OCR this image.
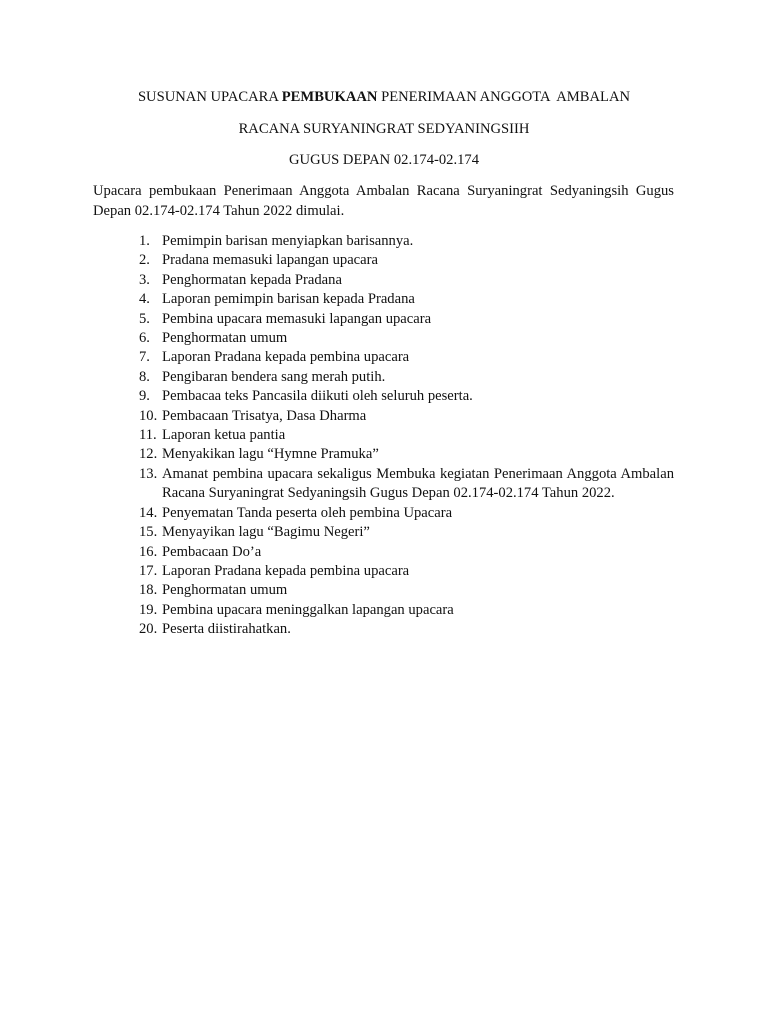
SUSUNAN UPACARA PEMBUKAAN PENERIMAAN ANGGOTA  AMBALAN
RACANA SURYANINGRAT SEDYANINGSIIH
GUGUS DEPAN 02.174-02.174
Upacara pembukaan Penerimaan Anggota Ambalan Racana Suryaningrat Sedyaningsih Gugus Depan 02.174-02.174 Tahun 2022 dimulai.
1. Pemimpin barisan menyiapkan barisannya.
2. Pradana memasuki lapangan upacara
3. Penghormatan kepada Pradana
4. Laporan pemimpin barisan kepada Pradana
5. Pembina upacara memasuki lapangan upacara
6. Penghormatan umum
7. Laporan Pradana kepada pembina upacara
8. Pengibaran bendera sang merah putih.
9. Pembacaa teks Pancasila diikuti oleh seluruh peserta.
10. Pembacaan Trisatya, Dasa Dharma
11. Laporan ketua pantia
12. Menyakikan lagu “Hymne Pramuka”
13. Amanat pembina upacara sekaligus Membuka kegiatan Penerimaan Anggota Ambalan Racana Suryaningrat Sedyaningsih Gugus Depan 02.174-02.174 Tahun 2022.
14. Penyematan Tanda peserta oleh pembina Upacara
15. Menyayikan lagu “Bagimu Negeri”
16. Pembacaan Do’a
17. Laporan Pradana kepada pembina upacara
18. Penghormatan umum
19. Pembina upacara meninggalkan lapangan upacara
20. Peserta diistirahatkan.
